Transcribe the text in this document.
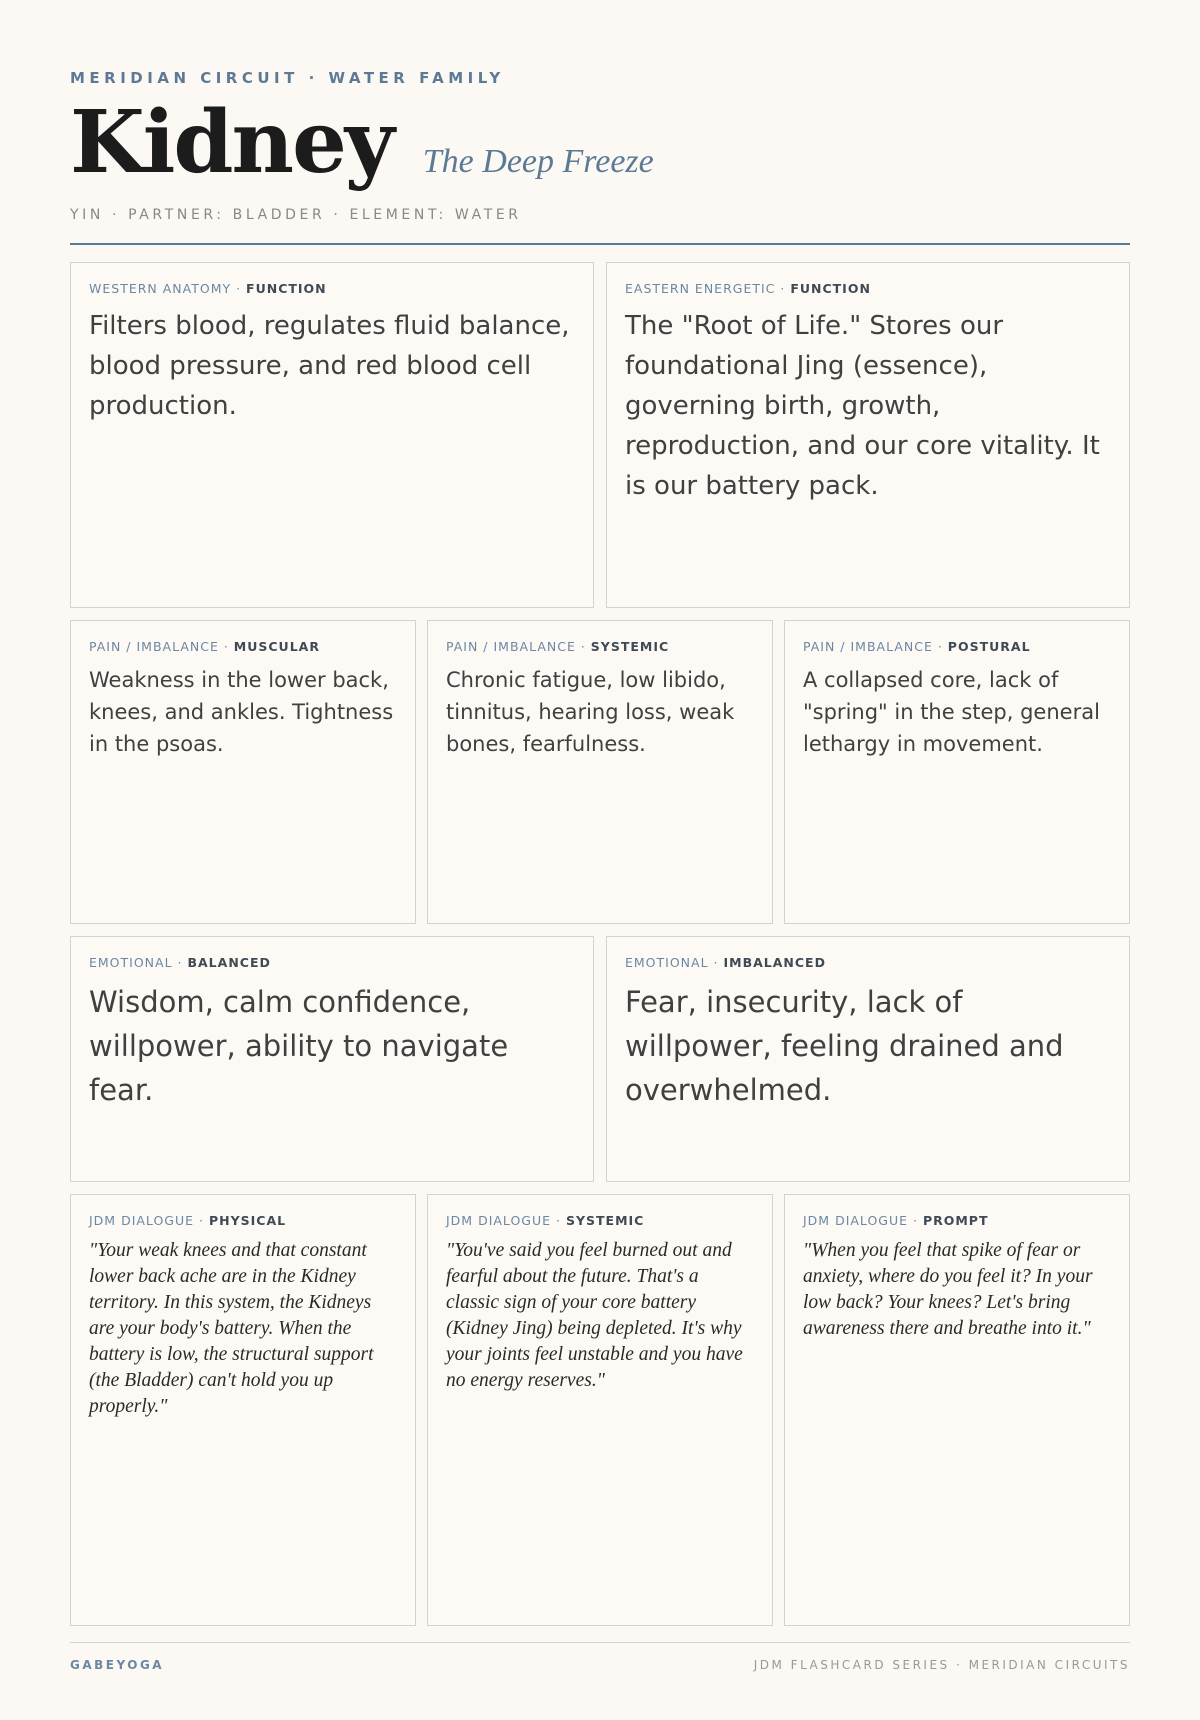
MERIDIAN CIRCUIT · WATER FAMILY
Kidney The Deep Freeze
YIN · PARTNER: BLADDER · ELEMENT: WATER
WESTERN ANATOMY · FUNCTION
Filters blood, regulates fluid balance, blood pressure, and red blood cell production.
EASTERN ENERGETIC · FUNCTION
The "Root of Life." Stores our foundational Jing (essence), governing birth, growth, reproduction, and our core vitality. It is our battery pack.
PAIN / IMBALANCE · MUSCULAR
Weakness in the lower back, knees, and ankles. Tightness in the psoas.
PAIN / IMBALANCE · SYSTEMIC
Chronic fatigue, low libido, tinnitus, hearing loss, weak bones, fearfulness.
PAIN / IMBALANCE · POSTURAL
A collapsed core, lack of "spring" in the step, general lethargy in movement.
EMOTIONAL · BALANCED
Wisdom, calm confidence, willpower, ability to navigate fear.
EMOTIONAL · IMBALANCED
Fear, insecurity, lack of willpower, feeling drained and overwhelmed.
JDM DIALOGUE · PHYSICAL
"Your weak knees and that constant lower back ache are in the Kidney territory. In this system, the Kidneys are your body's battery. When the battery is low, the structural support (the Bladder) can't hold you up properly."
JDM DIALOGUE · SYSTEMIC
"You've said you feel burned out and fearful about the future. That's a classic sign of your core battery (Kidney Jing) being depleted. It's why your joints feel unstable and you have no energy reserves."
JDM DIALOGUE · PROMPT
"When you feel that spike of fear or anxiety, where do you feel it? In your low back? Your knees? Let's bring awareness there and breathe into it."
GABEYOGA	JDM FLASHCARD SERIES · MERIDIAN CIRCUITS
